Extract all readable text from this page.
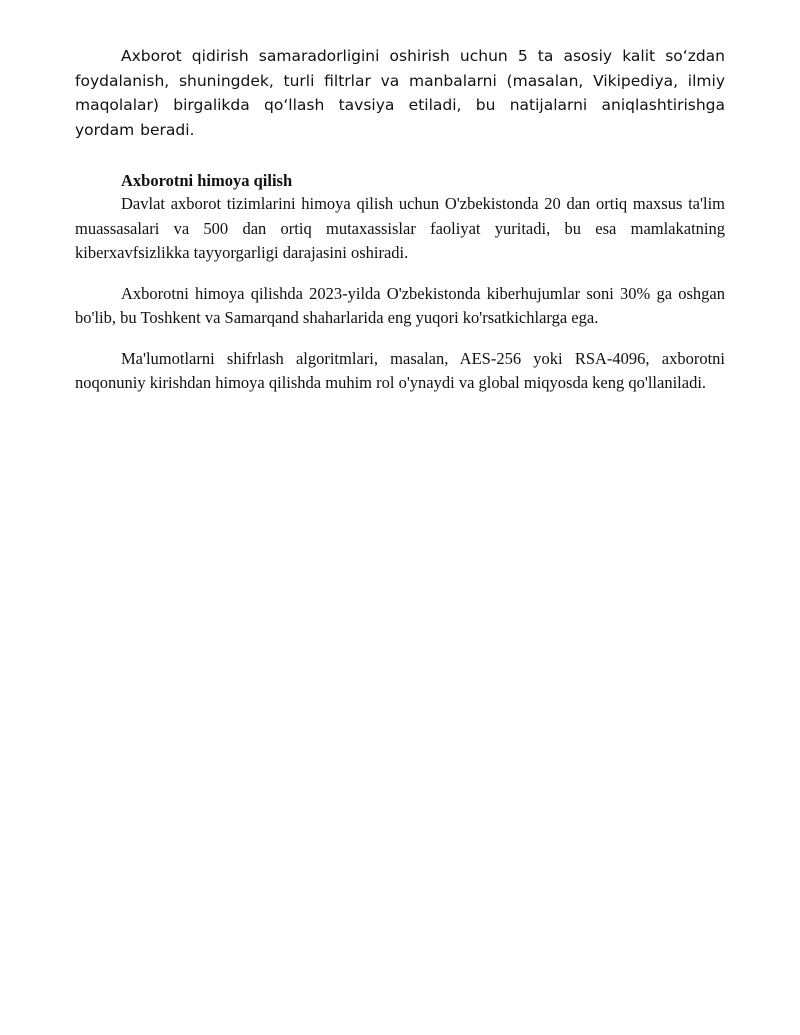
Axborot qidirish samaradorligini oshirish uchun 5 ta asosiy kalit so‘zdan foydalanish, shuningdek, turli filtrlar va manbalarni (masalan, Vikipediya, ilmiy maqolalar) birgalikda qo‘llash tavsiya etiladi, bu natijalarni aniqlashtirishga yordam beradi.

Axborotni himoya qilish

Davlat axborot tizimlarini himoya qilish uchun O'zbekistonda 20 dan ortiq maxsus ta'lim muassasalari va 500 dan ortiq mutaxassislar faoliyat yuritadi, bu esa mamlakatning kiberxavfsizlikka tayyorgarligi darajasini oshiradi.

Axborotni himoya qilishda 2023-yilda O'zbekistonda kiberhujumlar soni 30% ga oshgan bo'lib, bu Toshkent va Samarqand shaharlarida eng yuqori ko'rsatkichlarga ega.

Ma'lumotlarni shifrlash algoritmlari, masalan, AES-256 yoki RSA-4096, axborotni noqonuniy kirishdan himoya qilishda muhim rol o'ynaydi va global miqyosda keng qo'llaniladi.
